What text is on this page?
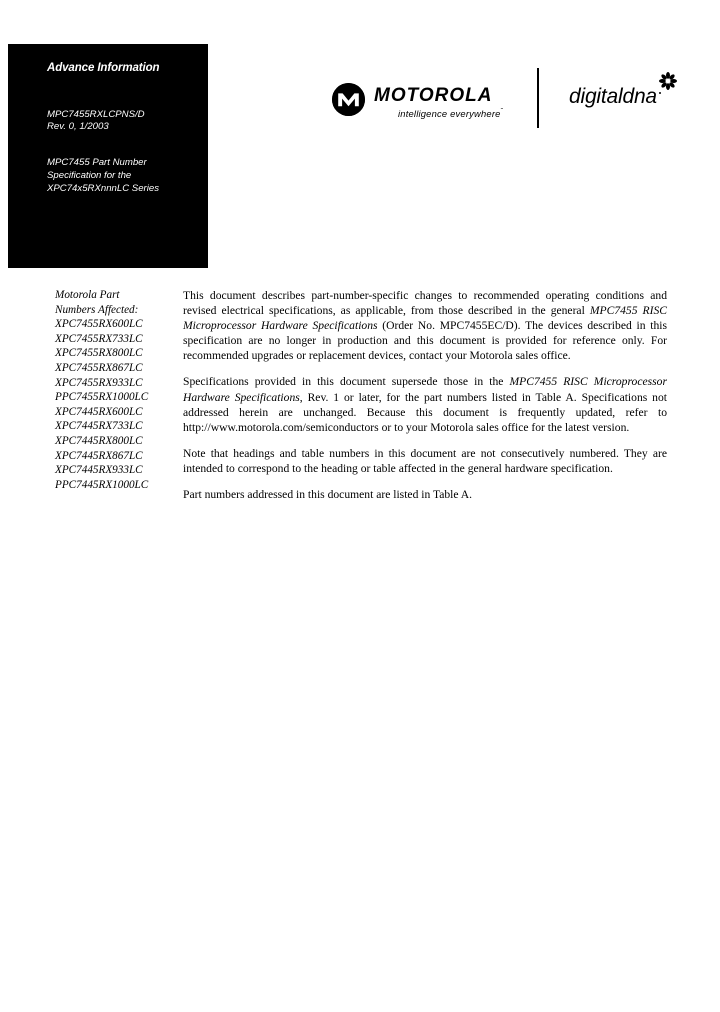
Advance Information
MPC7455RXLCPNS/D
Rev. 0, 1/2003
MPC7455 Part Number
Specification for the
XPC74x5RXnnnLC Series
MOTOROLA
intelligence everywhere˜
digitaldna
Motorola Part
Numbers Affected:
XPC7455RX600LC
XPC7455RX733LC
XPC7455RX800LC
XPC7455RX867LC
XPC7455RX933LC
PPC7455RX1000LC
XPC7445RX600LC
XPC7445RX733LC
XPC7445RX800LC
XPC7445RX867LC
XPC7445RX933LC
PPC7445RX1000LC

This document describes part-number-specific changes to recommended operating conditions and revised electrical specifications, as applicable, from those described in the general MPC7455 RISC Microprocessor Hardware Specifications (Order No. MPC7455EC/D). The devices described in this specification are no longer in production and this document is provided for reference only. For recommended upgrades or replacement devices, contact your Motorola sales office.

Specifications provided in this document supersede those in the MPC7455 RISC Microprocessor Hardware Specifications, Rev. 1 or later, for the part numbers listed in Table A. Specifications not addressed herein are unchanged. Because this document is frequently updated, refer to http://www.motorola.com/semiconductors or to your Motorola sales office for the latest version.

Note that headings and table numbers in this document are not consecutively numbered. They are intended to correspond to the heading or table affected in the general hardware specification.

Part numbers addressed in this document are listed in Table A.
